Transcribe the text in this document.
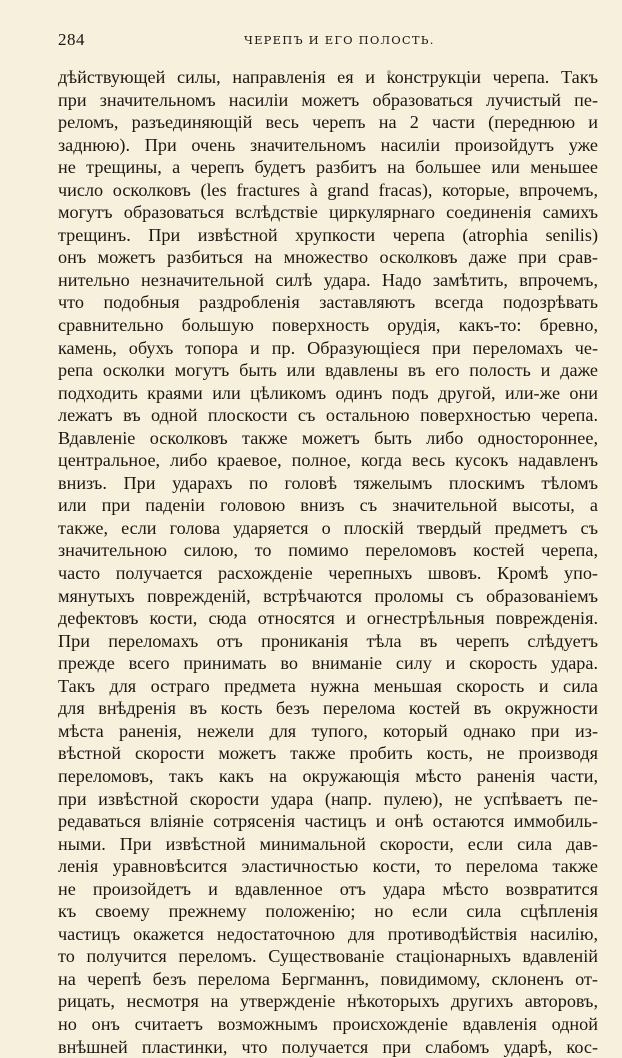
284	ЧЕРЕПЪ И ЕГО ПОЛОСТЬ.
дѣйствующей силы, направленія ея и конструкціи черепа. Такъ
при значительномъ насиліи можетъ образоваться лучистый пе-
реломъ, разъединяющій весь черепъ на 2 части (переднюю и
заднюю). При очень значительномъ насиліи произойдутъ уже
не трещины, а черепъ будетъ разбитъ на большее или меньшее
число осколковъ (les fractures à grand fracas), которые, впрочемъ,
могутъ образоваться вслѣдствіе циркулярнаго соединенія самихъ
трещинъ. При извѣстной хрупкости черепа (atrophia senilis)
онъ можетъ разбиться на множество осколковъ даже при срав-
нительно незначительной силѣ удара. Надо замѣтить, впрочемъ,
что подобныя раздробленія заставляютъ всегда подозрѣвать
сравнительно большую поверхность орудія, какъ-то: бревно,
камень, обухъ топора и пр. Образующіеся при переломахъ че-
репа осколки могутъ быть или вдавлены въ его полость и даже
подходить краями или цѣликомъ одинъ подъ другой, или-же они
лежатъ въ одной плоскости съ остальною поверхностью черепа.
Вдавленіе осколковъ также можетъ быть либо одностороннее,
центральное, либо краевое, полное, когда весь кусокъ надавленъ
внизъ. При ударахъ по головѣ тяжелымъ плоскимъ тѣломъ
или при паденіи головою внизъ съ значительной высоты, а
также, если голова ударяется о плоскій твердый предметъ съ
значительною силою, то помимо переломовъ костей черепа,
часто получается расхожденіе черепныхъ швовъ. Кромѣ упо-
мянутыхъ поврежденій, встрѣчаются проломы съ образованіемъ
дефектовъ кости, сюда относятся и огнестрѣльныя поврежденія.
При переломахъ отъ прониканія тѣла въ черепъ слѣдуетъ
прежде всего принимать во вниманіе силу и скорость удара.
Такъ для остраго предмета нужна меньшая скорость и сила
для внѣдренія въ кость безъ перелома костей въ окружности
мѣста раненія, нежели для тупого, который однако при из-
вѣстной скорости можетъ также пробить кость, не производя
переломовъ, такъ какъ на окружающія мѣсто раненія части,
при извѣстной скорости удара (напр. пулею), не успѣваетъ пе-
редаваться вліяніе сотрясенія частицъ и онѣ остаются иммобиль-
ными. При извѣстной минимальной скорости, если сила дав-
ленія уравновѣсится эластичностью кости, то перелома также
не произойдетъ и вдавленное отъ удара мѣсто возвратится
къ своему прежнему положенію; но если сила сцѣпленія
частицъ окажется недостаточною для противодѣйствія насилію,
то получится переломъ. Существованіе стаціонарныхъ вдавленій
на черепѣ безъ перелома Бергманнъ, повидимому, склоненъ от-
рицать, несмотря на утвержденіе нѣкоторыхъ другихъ авторовъ,
но онъ считаетъ возможнымъ происхожденіе вдавленія одной
внѣшней пластинки, что получается при слабомъ ударѣ, кос-
